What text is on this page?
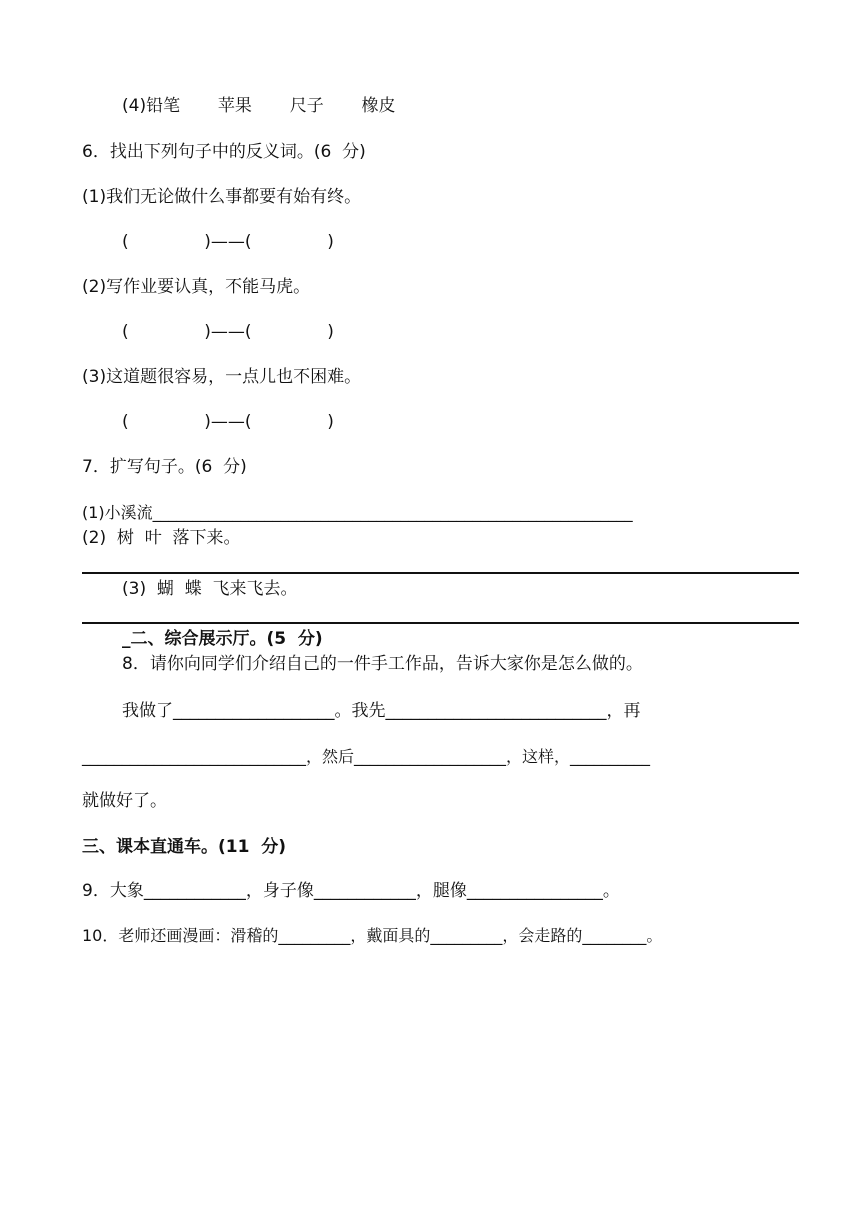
(4)铅笔       苹果       尺子       橡皮
6．找出下列句子中的反义词。(6  分)
(1)我们无论做什么事都要有始有终。
(              )——(              )
(2)写作业要认真，不能马虎。
(              )——(              )
(3)这道题很容易，一点儿也不困难。
(              )——(              )
7．扩写句子。(6  分)
(1)小溪流____________________________________________________________
(2)  树  叶  落下来。
(3)  蝴  蝶  飞来飞去。
_二、综合展示厅。(5  分)
8．请你向同学们介绍自己的一件手工作品，告诉大家你是怎么做的。
我做了___________________。我先__________________________，再
____________________________，然后___________________，这样，__________
就做好了。
三、课本直通车。(11  分)
9．大象____________，身子像____________，腿像________________。
10．老师还画漫画：滑稽的_________，戴面具的_________，会走路的________。
